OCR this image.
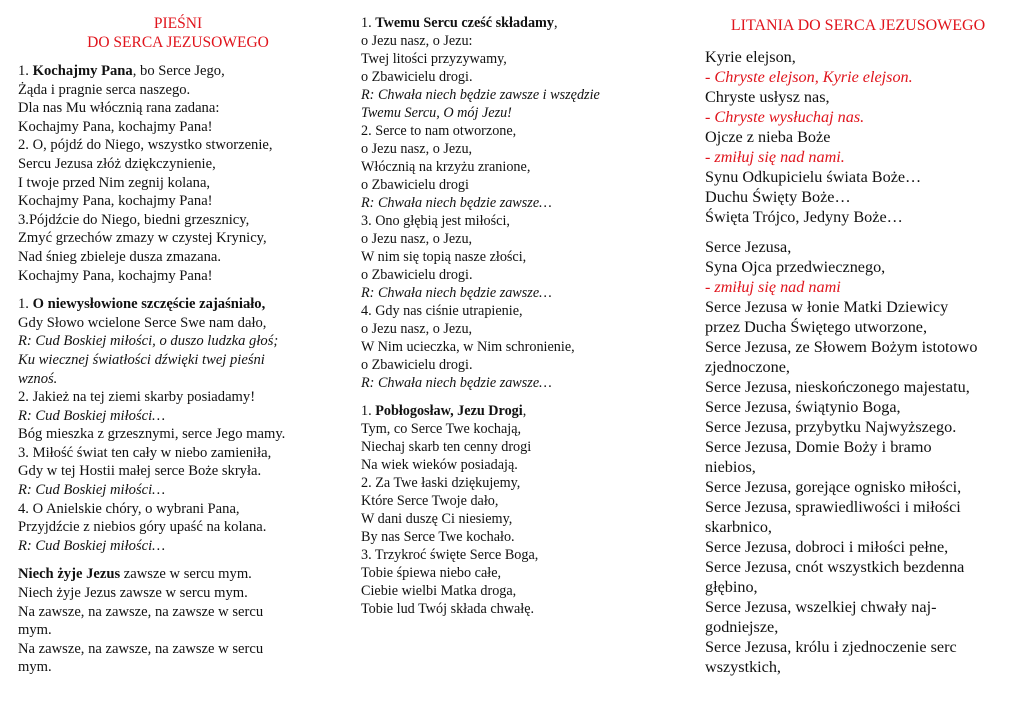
PIEŚNI
DO SERCA JEZUSOWEGO
1. Kochajmy Pana, bo Serce Jego,
Żąda i pragnie serca naszego.
Dla nas Mu włócznią rana zadana:
Kochajmy Pana, kochajmy Pana!
2. O, pójdź do Niego, wszystko stworzenie,
Sercu Jezusa złóż dziękczynienie,
I twoje przed Nim zegnij kolana,
Kochajmy Pana, kochajmy Pana!
3.Pójdźcie do Niego, biedni grzesznicy,
Zmyć grzechów zmazy w czystej Krynicy,
Nad śnieg zbieleje dusza zmazana.
Kochajmy Pana, kochajmy Pana!
1. O niewysłowione szczęście zajaśniało,
Gdy Słowo wcielone Serce Swe nam dało,
R: Cud Boskiej miłości, o duszo ludzka głoś;
Ku wiecznej światłości dźwięki twej pieśni
wznoś.
2. Jakież na tej ziemi skarby posiadamy!
R: Cud Boskiej miłości…
Bóg mieszka z grzesznymi, serce Jego mamy.
3. Miłość świat ten cały w niebo zamieniła,
Gdy w tej Hostii małej serce Boże skryła.
R: Cud Boskiej miłości…
4. O Anielskie chóry, o wybrani Pana,
Przyjdźcie z niebios góry upaść na kolana.
R: Cud Boskiej miłości…
Niech żyje Jezus zawsze w sercu mym.
Niech żyje Jezus zawsze w sercu mym.
Na zawsze, na zawsze, na zawsze w sercu
mym.
Na zawsze, na zawsze, na zawsze w sercu
mym.
1. Twemu Sercu cześć składamy,
o Jezu nasz, o Jezu:
Twej litości przyzywamy,
o Zbawicielu drogi.
R: Chwała niech będzie zawsze i wszędzie
Twemu Sercu, O mój Jezu!
2. Serce to nam otworzone,
o Jezu nasz, o Jezu,
Włócznią na krzyżu zranione,
o Zbawicielu drogi
R: Chwała niech będzie zawsze…
3. Ono głębią jest miłości,
o Jezu nasz, o Jezu,
W nim się topią nasze złości,
o Zbawicielu drogi.
R: Chwała niech będzie zawsze…
4. Gdy nas ciśnie utrapienie,
o Jezu nasz, o Jezu,
W Nim ucieczka, w Nim schronienie,
o Zbawicielu drogi.
R: Chwała niech będzie zawsze…
1. Pobłogosław, Jezu Drogi,
Tym, co Serce Twe kochają,
Niechaj skarb ten cenny drogi
Na wiek wieków posiadają.
2. Za Twe łaski dziękujemy,
Które Serce Twoje dało,
W dani duszę Ci niesiemy,
By nas Serce Twe kochało.
3. Trzykroć święte Serce Boga,
Tobie śpiewa niebo całe,
Ciebie wielbi Matka droga,
Tobie lud Twój składa chwałę.
LITANIA DO SERCA JEZUSOWEGO
Kyrie elejson,
- Chryste elejson, Kyrie elejson.
Chryste usłysz nas,
- Chryste wysłuchaj nas.
Ojcze z nieba Boże
- zmiłuj się nad nami.
Synu Odkupicielu świata Boże…
Duchu Święty Boże…
Święta Trójco, Jedyny Boże…
Serce Jezusa,
Syna Ojca przedwiecznego,
- zmiłuj się nad nami
Serce Jezusa w łonie Matki Dziewicy
przez Ducha Świętego utworzone,
Serce Jezusa, ze Słowem Bożym istotowo
zjednoczone,
Serce Jezusa, nieskończonego majestatu,
Serce Jezusa, świątynio Boga,
Serce Jezusa, przybytku Najwyższego.
Serce Jezusa, Domie Boży i bramo
niebios,
Serce Jezusa, gorejące ognisko miłości,
Serce Jezusa, sprawiedliwości i miłości
skarbnico,
Serce Jezusa, dobroci i miłości pełne,
Serce Jezusa, cnót wszystkich bezdenna
głębino,
Serce Jezusa, wszelkiej chwały naj-
godniejsze,
Serce Jezusa, królu i zjednoczenie serc
wszystkich,
